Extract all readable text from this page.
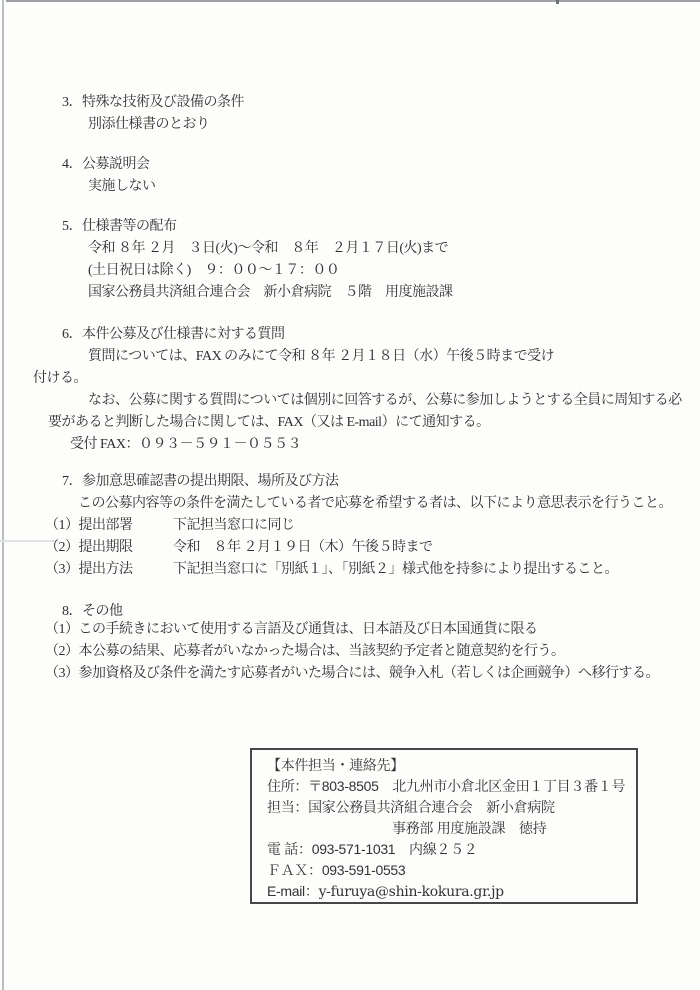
3．特殊な技術及び設備の条件
別添仕様書のとおり
4．公募説明会
実施しない
5．仕様書等の配布
令和 ８年 ２月　３日(火)～令和　８年　２月１７日(火)まで
(土日祝日は除く)　９：００～１７：００
国家公務員共済組合連合会　新小倉病院　５階　用度施設課
6．本件公募及び仕様書に対する質問
質問については、FAX のみにて令和 ８年 ２月１８日（水）午後５時まで受け
付ける。
なお、公募に関する質問については個別に回答するが、公募に参加しようとする全員に周知する必
要があると判断した場合に関しては、FAX（又は E-mail）にて通知する。
受付 FAX：０９３－５９１－０５５３
7．参加意思確認書の提出期限、場所及び方法
この公募内容等の条件を満たしている者で応募を希望する者は、以下により意思表示を行うこと。
（1）提出部署	下記担当窓口に同じ
（2）提出期限	令和　８年 ２月１９日（木）午後５時まで
（3）提出方法	下記担当窓口に「別紙１」、「別紙２」様式他を持参により提出すること。
8．その他
（1）この手続きにおいて使用する言語及び通貨は、日本語及び日本国通貨に限る
（2）本公募の結果、応募者がいなかった場合は、当該契約予定者と随意契約を行う。
（3）参加資格及び条件を満たす応募者がいた場合には、競争入札（若しくは企画競争）へ移行する。
【本件担当・連絡先】
住所：〒803-8505　北九州市小倉北区金田１丁目３番１号
担当：国家公務員共済組合連合会　新小倉病院
事務部 用度施設課　徳持
電 話：093-571-1031　内線２５２
ＦＡＸ：093-591-0553
E-mail：y-furuya@shin-kokura.gr.jp
